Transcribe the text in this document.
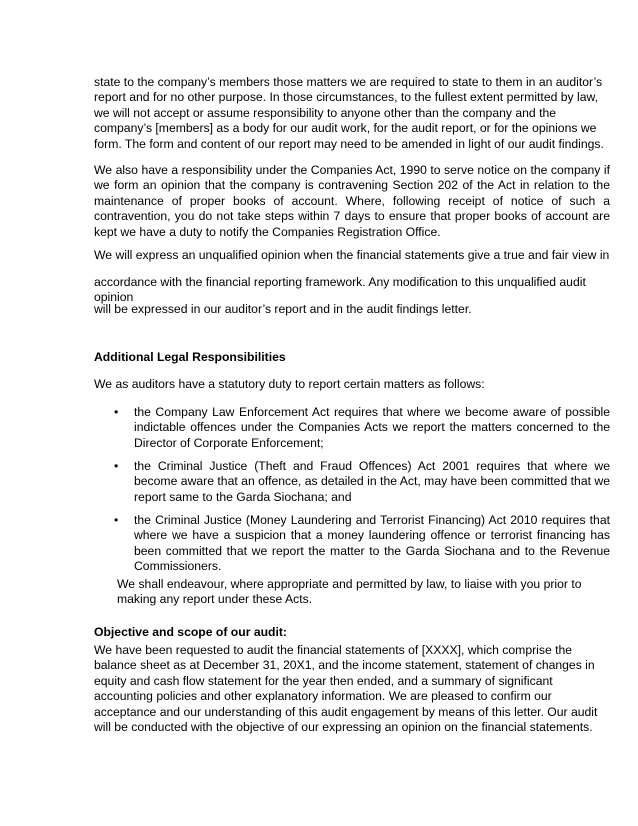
state to the company’s members those matters we are required to state to them in an auditor’s report and for no other purpose. In those circumstances, to the fullest extent permitted by law, we will not accept or assume responsibility to anyone other than the company and the company’s [members] as a body for our audit work, for the audit report, or for the opinions we form. The form and content of our report may need to be amended in light of our audit findings.

We also have a responsibility under the Companies Act, 1990 to serve notice on the company if we form an opinion that the company is contravening Section 202 of the Act in relation to the maintenance of proper books of account. Where, following receipt of notice of such a contravention, you do not take steps within 7 days to ensure that proper books of account are kept we have a duty to notify the Companies Registration Office.

We will express an unqualified opinion when the financial statements give a true and fair view in

accordance with the financial reporting framework. Any modification to this unqualified audit opinion

will be expressed in our auditor’s report and in the audit findings letter.

Additional Legal Responsibilities

We as auditors have a statutory duty to report certain matters as follows:

•	the Company Law Enforcement Act requires that where we become aware of possible indictable offences under the Companies Acts we report the matters concerned to the Director of Corporate Enforcement;

•	the Criminal Justice (Theft and Fraud Offences) Act 2001 requires that where we become aware that an offence, as detailed in the Act, may have been committed that we report same to the Garda Siochana; and

•	the Criminal Justice (Money Laundering and Terrorist Financing) Act 2010 requires that where we have a suspicion that a money laundering offence or terrorist financing has been committed that we report the matter to the Garda Siochana and to the Revenue Commissioners.

We shall endeavour, where appropriate and permitted by law, to liaise with you prior to making any report under these Acts.

Objective and scope of our audit:

We have been requested to audit the financial statements of [XXXX], which comprise the balance sheet as at December 31, 20X1, and the income statement, statement of changes in equity and cash flow statement for the year then ended, and a summary of significant accounting policies and other explanatory information. We are pleased to confirm our acceptance and our understanding of this audit engagement by means of this letter. Our audit will be conducted with the objective of our expressing an opinion on the financial statements.
